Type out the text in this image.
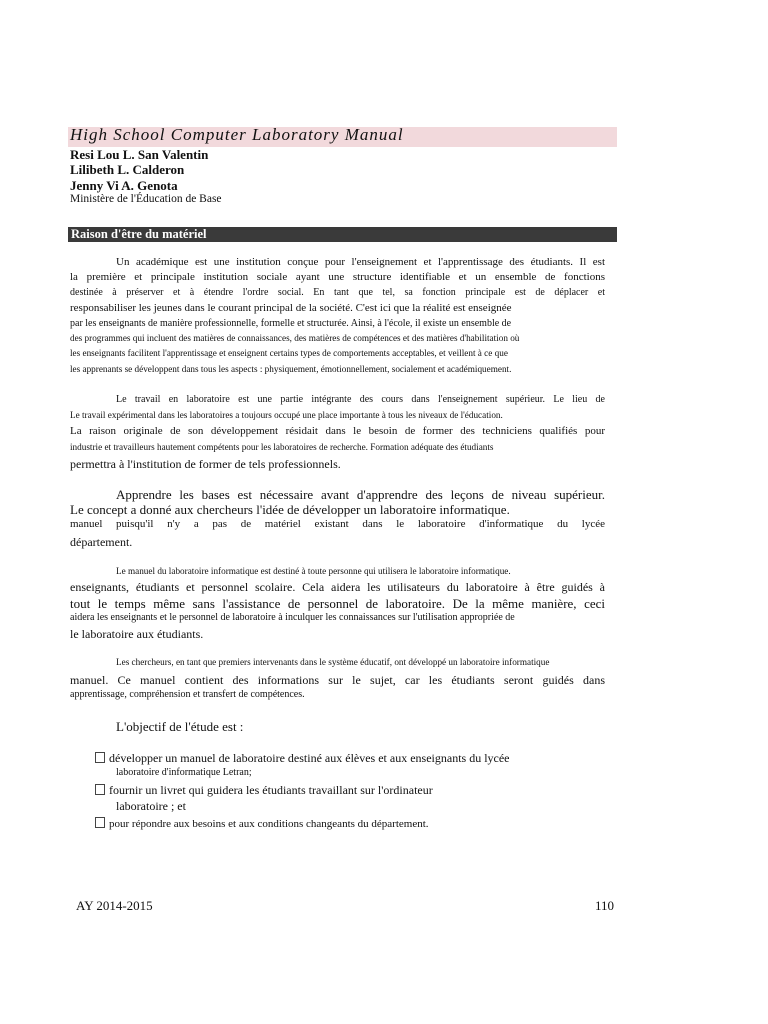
High School Computer Laboratory Manual
Resi Lou L. San Valentin
Lilibeth L. Calderon
Jenny Vi A. Genota
Ministère de l'Éducation de Base
Raison d'être du matériel
Un académique est une institution conçue pour l'enseignement et l'apprentissage des étudiants. Il est
la première et principale institution sociale ayant une structure identifiable et un ensemble de fonctions
destinée à préserver et à étendre l'ordre social. En tant que tel, sa fonction principale est de déplacer et
responsabiliser les jeunes dans le courant principal de la société. C'est ici que la réalité est enseignée
par les enseignants de manière professionnelle, formelle et structurée. Ainsi, à l'école, il existe un ensemble de
des programmes qui incluent des matières de connaissances, des matières de compétences et des matières d'habilitation où
les enseignants facilitent l'apprentissage et enseignent certains types de comportements acceptables, et veillent à ce que
les apprenants se développent dans tous les aspects : physiquement, émotionnellement, socialement et académiquement.
Le travail en laboratoire est une partie intégrante des cours dans l'enseignement supérieur. Le lieu de
Le travail expérimental dans les laboratoires a toujours occupé une place importante à tous les niveaux de l'éducation.
La raison originale de son développement résidait dans le besoin de former des techniciens qualifiés pour
industrie et travailleurs hautement compétents pour les laboratoires de recherche. Formation adéquate des étudiants
permettra à l'institution de former de tels professionnels.
Apprendre les bases est nécessaire avant d'apprendre des leçons de niveau supérieur.
Le concept a donné aux chercheurs l'idée de développer un laboratoire informatique.
manuel puisqu'il n'y a pas de matériel existant dans le laboratoire d'informatique du lycée
département.
Le manuel du laboratoire informatique est destiné à toute personne qui utilisera le laboratoire informatique.
enseignants, étudiants et personnel scolaire. Cela aidera les utilisateurs du laboratoire à être guidés à
tout le temps même sans l'assistance de personnel de laboratoire. De la même manière, ceci
aidera les enseignants et le personnel de laboratoire à inculquer les connaissances sur l'utilisation appropriée de
le laboratoire aux étudiants.
Les chercheurs, en tant que premiers intervenants dans le système éducatif, ont développé un laboratoire informatique
manuel. Ce manuel contient des informations sur le sujet, car les étudiants seront guidés dans
apprentissage, compréhension et transfert de compétences.
L'objectif de l'étude est :
développer un manuel de laboratoire destiné aux élèves et aux enseignants du lycée
laboratoire d'informatique Letran;
fournir un livret qui guidera les étudiants travaillant sur l'ordinateur
laboratoire ; et
pour répondre aux besoins et aux conditions changeants du département.
AY 2014-2015	110
